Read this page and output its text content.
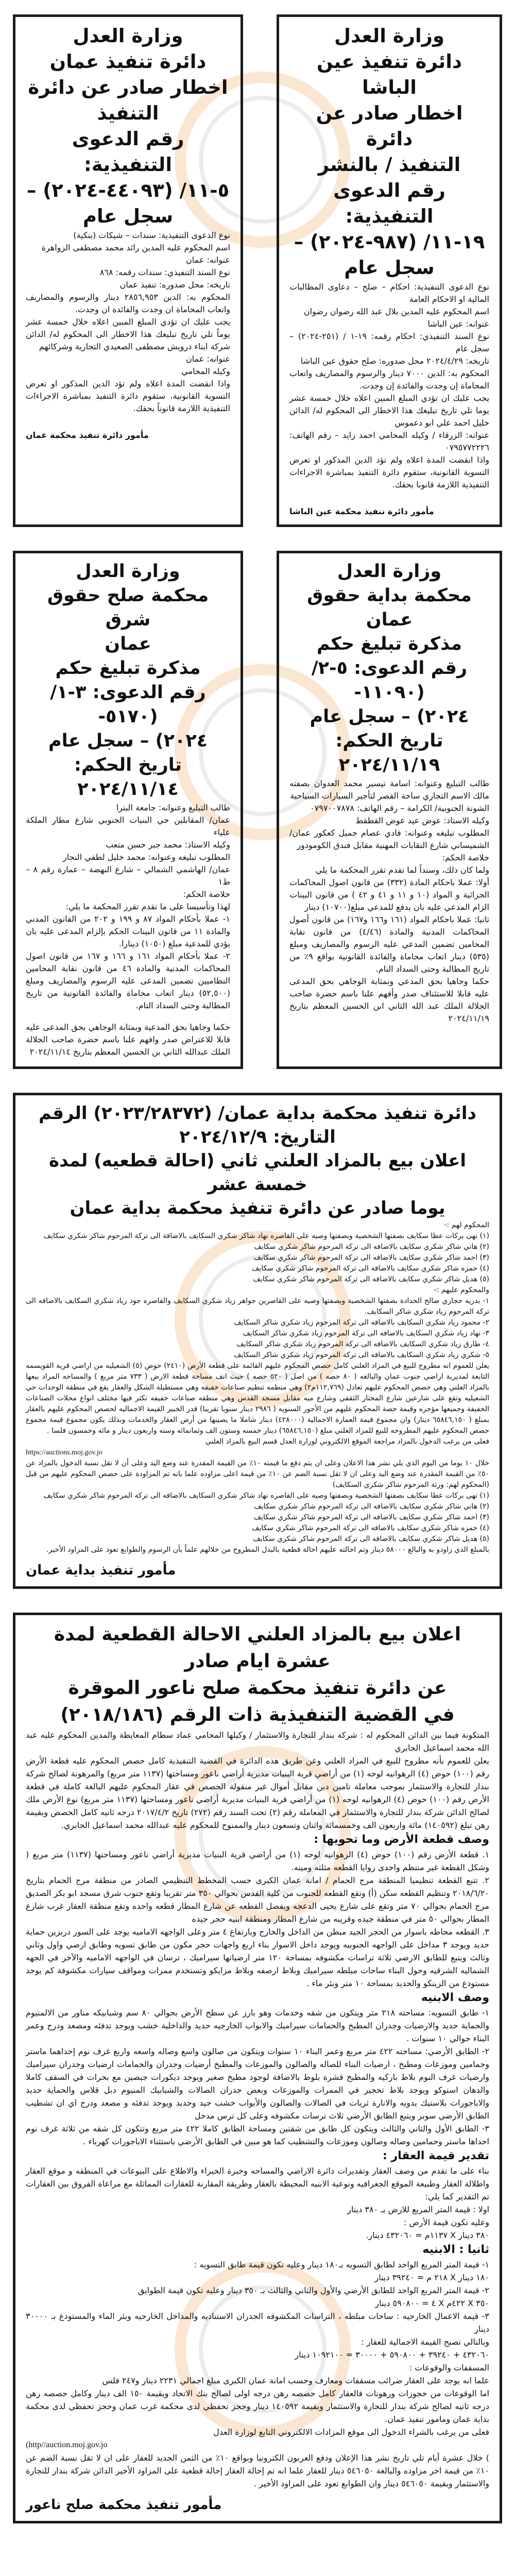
وزارة العدل
دائرة تنفيذ عين الباشا
اخطار صادر عن دائرة
التنفيذ / بالنشر
رقم الدعوى التنفيذية:
١٩-١١/ (٩٨٧-٢٠٢٤) –
سجل عام

نوع الدعوى التنفيذية: احكام – صلح – دعاوى المطالبات المالية او الاحكام العامة

اسم المحكوم عليه المدين بلال عبد الله رضوان رضوان

عنوانه: عين الباشا

نوع السند التنفيذي: احكام رقمه: ١٩-١ / (٢٥١-٢٠٢٤) – سجل عام

تاريخه: ٢٠٢٤/٤/٢٩ محل صدوره: صلح حقوق عين الباشا

المحكوم به: الدين ٧٠٠٠ دينار والرسوم والمصاريف واتعاب المحاماة إن وجدت والفائدة إن وجدت.

يجب عليك ان تؤدي المبلغ المبين اعلاه خلال خمسة عشر يوما تلي تاريخ تبليغك هذا الاخطار الى المحكوم له/ الدائن خليل احمد علي ابو دعموس

عنوانه: الزرقاء / وكيله المحامي احمد زايد – رقم الهاتف: ٠٧٩٥٧٧٢٢٢٦

واذا انقضت المدة اعلاه ولم تؤد الدين المذكور او تعرض التسوية القانونية، ستقوم دائرة التنفيذ بمباشرة الاجراءات التنفيذية اللازمة قانونا بحقك.

مأمور دائرة تنفيذ محكمة عين الباشا
وزارة العدل
دائرة تنفيذ عمان
اخطار صادر عن دائرة
التنفيذ
رقم الدعوى التنفيذية:
٥-١١/ (٤٤٠٩٣-٢٠٢٤) –
سجل عام

نوع الدعوى التنفيذية: سندات – شيكات (بنكية)

اسم المحكوم عليه المدين رائد محمد مصطفى الزواهرة

عنوانه: عمان

نوع السند التنفيذي: سندات رقمه: ٨٦٨

تاريخه: محل صدوره: تنفيذ عمان

المحكوم به: الدين ٢٨٥٦,٩٥٣ دينار والرسوم والمصاريف واتعاب المحاماة ان وجدت والفائدة ان وجدت.

يجب عليك ان تؤدي المبلغ المبين اعلاه خلال خمسة عشر يوماً تلي تاريخ تبليغك هذا الاخطار الى المحكوم له/ الدائن شركة ابناء درويش مصطفى الصعيدي التجارية وشركائهم

عنوانه: عمان

وكيله المحامي

واذا انقضت المدة اعلاه ولم تؤد الدين المذكور او تعرض التسوية القانونية، ستقوم دائرة التنفيذ بمباشرة الاجراءات التنفيذية اللازمة قانوناً بحقك.

مأمور دائرة تنفيذ محكمة عمان
وزارة العدل
محكمة بداية حقوق عمان
مذكرة تبليغ حكم
رقم الدعوى: ٥-٢/ (١١٠٩٠-
٢٠٢٤) – سجل عام
تاريخ الحكم: ٢٠٢٤/١١/١٩

طالب التبليغ وعنوانه: اسامة تيسير محمد العدوان بصفته مالك الاسم التجاري ساحة القصر لتأجير السيارات السياحية

الشونة الجنوبية/ الكرامة – رقم الهاتف: ٠٧٩٧٠٠٧٨٧٨

وكيله الاستاذ: عوض عيد عوض القطقط

المطلوب تبليغه وعنوانه: فادي عصام جميل كعكور عمان/ الشميساني شارع النقابات المهنية مقابل فندق الكومودور

خلاصة الحكم:

ولما كان ذلك، وسنداً لما تقدم تقرر المحكمة ما يلي

أولا: عملا باحكام المادة (٣٣٢) من قانون اصول المحاكمات الجزائية و المواد (١٠ و ١١ و ٤١ و ٤٢ ) من قانون البينات الزام المدعي عليه بان يدفع للمدعي مبلغ(١٠٧٠٠) دينار

ثانيا: عملا باحكام المواد (١٦١ و١٦٦ و١٦٧) من قانون أصول المحاكمات المدنية والمادة (٤/٤٦) من قانون نقابة المحامين تضمين المدعي عليه الرسوم والمصاريف ومبلغ (٥٣٥) دينار اتعاب محاماة والفائدة القانونية بواقع ٩٪ من تاريخ المطالبة وحتى السداد التام.

حكما وجاهيا بحق المدعي وبمثابة الوجاهي بحق المدعى عليه قابلا للاستئناف صدر وأفهم علنا باسم حضرة صاحب الجلالة الملك عبد الله الثاني ابن الحسين المعظم بتاريخ ٢٠٢٤/١١/١٩

وزارة العدل
محكمة صلح حقوق شرق
عمان
مذكرة تبليغ حكم
رقم الدعوى: ٣-١/ (٥١٧٠-
٢٠٢٤) – سجل عام
تاريخ الحكم: ٢٠٢٤/١١/١٤

طالب التبليغ وعنوانه: جامعة البترا

عمان/ المقابلين حي البنيات الجنوبي شارع مطار الملكة علياء

وكيله الاستاذ: محمد جبر حسن متعب

المطلوب تبليغه وعنوانه: محمد خليل لطفي النجار

عمان/ الهاشمي الشمالي – شارع النهضة – عمارة رقم ٨ – ط١

خلاصة الحكم:

لهذا وتأسيسا على ما تقدم تقرر المحكمة ما يلي:

١- عملا بأحكام المواد ٨٧ و ١٩٩ و ٢٠٢ من القانون المدني والمادة ١١ من قانون البينات الحكم بإلزام المدعى عليه بان يؤدي للمدعية مبلغ (١٠٥٠) دينارا.

٢- عملا بأحكام المواد ١٦١ و ١٦٦ و ١٦٧ من قانون اصول المحاكمات المدنية والمادة ٤٦ من قانون نقابة المحامين النظاميين تضمين المدعى عليه الرسوم والمصاريف ومبلغ (٥٢,٥٠٠) دينار اتعاب محاماة والفائدة القانونية من تاريخ المطالبة وحتى السداد التام.

حكما وجاهيا بحق المدعية وبمثابة الوجاهي بحق المدعى عليه قابلا للاعتراض صدر وافهم علنا باسم حضرة صاحب الجلالة الملك عبدالله الثاني بن الحسين المعظم بتاريخ ٢٠٢٤/١١/١٤

دائرة تنفيذ محكمة بداية عمان/ (٢٠٢٣/٢٨٣٧٢) الرقم
التاريخ: ٢٠٢٤/١٢/٩
اعلان بيع بالمزاد العلني ثاني (احالة قطعيه) لمدة خمسة عشر
يوما صادر عن دائرة تنفيذ محكمة بداية عمان

المحكوم لهم :-

(١) نهى بركات عطا سكايف بصفتها الشخصية وبصفتها وصيه على القاصره نهاد شاكر شكري السكايف بالاضافة الى تركة المرحوم شاكر شكري سكايف

(٢) هاني شاكر شكري سكايف بالاضافه الى تركة المرحوم شاكر شكري سكايف

(٣) احمد شاكر شكري سكايف بالاضافه الى تركة المرحوم شاكر شكري سكايف

(٤) حمزه شاكر شكري سكايف بالاضافه الى تركة المرحوم شاكر شكري سكايف

(٥) هديل شاكر شكري سكايف بالاضافه الى تركة المرحوم شاكر شكري سكايف

والمحكوم عليهم :-

١- بدريه حجازي صالح الحدادة بصفتها الشخصية وبصفتها وصيه على القاصرين جواهر زياد شكري السكايف والقاصره جود زياد شكري السكايف بالاضافه الى تركة المرحوم زياد شكري شاكر السكايف.

٢- محمود زياد شكري السكايف بالاضافه الى تركة المرحوم زياد شكري شاكر السكايف

٣- نهاد زياد شكري السكايف بالاضافه الى تركة المرحوم زياد شكري شاكر السكايف

٤- طارق زياد شكري السكايف بالاضافه الى تركة المرحوم زياد شكري شاكر السكايف

٥- شكري زياد شكري السكايف بالاضافه الى تركة المرحوم زياد شكري شاكر السكايف

يعلن للعموم انه مطروح للبيع في المزاد العلني كامل حصص المحكوم عليهم القائمة على قطعة الأرض (٢٤١٠) حوض (٥) الشعيليه من اراضي قرية القويسمه التابعة لمديرية اراضي جنوب عمان والبالغه ( ٨٠ حصه ) من اصل ( ٥٢٠ حصه ) حيث انف مساحة قطعة الارض ( ٧٣٣ متر مربع ) والمساحه المراد بيعها بالمزاد العلني وهي حصص المحكوم عليهم تعادل (١١٢,٧٦٩م٢) وهي منطمه تنظيم صناعات خفيفه وهي مستطيلة الشكل والعقار يقع في منطقة الوحدات حي الشعيليه وتقع على شارعين شارع المختار الثقفي وشارع ميه مقابل مسجد القدس وهي منطقه صناعات خفيفه تكثر فيها مختلف انواع محلات الصناعات الخفيفة وجميعها مؤجره وقيمة حصة المحكوم عليهم من الأجور السنويه ( ٢٩٨٦ دينار سنويا تقريبا) قدر الخبير القيمة الاجماليه لحصص المحكوم عليهم بالعقار بمبلغ ( ٦٥٨٤٦,١٥٠ دينار) وان مجموع قيمة العمارة الاجمالية (٤٢٨٠٠٠) دينار شاملا ما يصيبها من أرض العقار والخدمات وبذلك يكون مجموع قيمة مجموع حصص المحكوم عليهم المطروحه للبيع للمزاد العلني مبلغ (٦٥٨٤٦,١٥٠) دينار خمسه وستون الف وثمانمائه وسته واربعون دينار و مائه وخمسون فلسا .

فعلى من يرغب الدخول بالمزاد مراجعة الموقع الالكتروني لوزارة العدل قسم البيع بالمزاد العلني

https://auctions.moj.gov.jo

خلال ١٠ يوما من اليوم الذي يلي نشر هذا الاعلان وعلى ان يتم دفع ما قيمته ١٠٪ من القيمة المقدرة عند وضع اليد وعلى أن لا تقل نسبة الدخول بالمزاد عن ٥٠٪ من القيمة المقدرة عند وضع اليد وعلى ان لا تقل نسبة الضم عن ١٠٪ من قيمة اعلى مزاوده علما بانه تم المزاودة على حصص المحكوم عليهم من قبل (المحكوم لهم: ورثة المرحوم شاكر شكري السكايف)

(١) نهى بركات عطا سكايف بصفتها الشخصية وبصفتها وصيه على القاصره نهاد شاكر شكري السكايف بالاضافه الى تركة المرحوم شاكر شكري سكايف

(٢) هاني شاكر شكري سكايف بالاضافه الى تركة المرحوم شاكر شكري سكايف

(٣) احمد شاكر شكري سكايف بالاضافه الى تركة المرحوم شاكر شكري سكايف

(٤) حمزه شاكر شكري سكايف بالاضافه الى تركة المرحوم شاكر شكري سكايف

(٥) هديل شاكر شكري سكايف بالاضافه الى تركة المرحوم شاكر شكري سكايف

بالمبلغ الذي زاودو به والبالغ ٥٨٠٠٠ دينار وتم احالته عليهم احالة قطعية بالبدل المطروح من خلالهم علماً بأن الرسوم والطوابع تعود على المزاود الأخير.

مأمور تنفيذ بداية عمان
اعلان بيع بالمزاد العلني الاحالة القطعية لمدة عشرة ايام صادر
عن دائرة تنفيذ محكمة صلح ناعور الموقرة
في القضية التنفيذية ذات الرقم (٢٠١٨/١٨٦)

المتكونة فيما بين الدائن المحكوم له : شركة بندار للتجارة والاستثمار / وكيلها المحامي عماد سطام المعايطة والمدين المحكوم عليه عبد الله محمد اسماعيل الجابري

يعلن للعموم بأنه مطروح للبيع في المزاد العلني وعن طريق هذه الدائرة في القضية التنفيذية كامل حصص المحكوم عليه قطعة الأرض رقم (١٠٠) حوض (٤) الرهوانيه لوحه (١) من أراضي قرية البنيات مديرية أراضي ناعور ومساحتها (١١٣٧ متر مربع) والمرهونة لصالح شركة بندار للتجارة والاستثمار بموجب معاملة تامين دين مقابل أموال غير منقولة الحصص في عقار المحكوم عليهم البالغة كاملة في قطعة الأرض رقم (١٠٠) حوض (٤) الرهوانيه لوحه (١) من أراضي قرية البنيات مديرية أراضي ناعور ومساحتها (١١٣٧ متر مربع) نوع الأرض ملك لصالح الدائن شركة بندار للتجارة والاستثمار في المعاملة رقم (٢) تحت السند رقم (٢٧٢) تاريخ ٢٠١٧/٤/٢ درجه ثانيه كامل الحصص وبقيمة رهن تبلغ (١٤٠٥٩٢) مائة واربعون الف وخمسمائة واثنان وتسعون دينار والممنوح للمحكوم عليه عبدالله محمد اسماعيل الجابري.

وصف قطعة الأرض وما تحويها :

١. قطعة الأرض رقم (١٠٠) حوض (٤) الرهوانيه لوحه (١) من أراضي قرية البنيات مديرية أراضي ناعور ومساحتها (١١٣٧) متر مربع ( وشكل القطعة غير منتظم واحدى زوايا القطعه مثلثه وميته.

٢. تتبع القطعة تنظيميا المنطقة مرج الحمام / امانة عمان الكبرى حسب المخطط التنظيمي الصادر من منطقة مرج الحمام بتاريخ ٢٠١٨/٦/٢٠ وتنظيم القطعه سكن (أ) وتقع القطعه للجنوب من كلية القدس بحوالي ٣٥٠ متر تقريبا وتقع جنوب شرق مسجد ابو بكر الصديق مرج الحمام بحوالي ٧٠ متر وتقع على شارع يحيى الدعجه ويفصل القطعه عن شارع المطار قطعه واحده وتقع منطقة العقار غرب شارع المطار بحوالي ٥٠ متر في منطقة جيده وقريبه من شارع المطار ومنطقة ابنيه حجر جيده

٣. القطعه محاطه باسوار من الحجر الجيد مبطن من الداخل والخارج وبارتفاع ٤ متر وعلى الواجهه الاماميه يوجد على السور دربزين حماية حديد ويوجد ٣ مداخل على الواجهه الجنوبيه ويوجد داخل الاسوار بناء اربع واجهات حجر مكون من طابق تسويه وطابق ارضي واول وثاني وثالث ويتبع للطابق الارضي ثلاثة تراسات مكشوفه بمساحة ١٢٠ متر ارضياتها سيراميك ، ترسان في الواجهه الاماميه والآخر في الجهه الشماليه الشرقيه وحول البناء ساحات مبلطه سيراميك وبلاط ارصفه وبلاط مزايكو وتستخدم ممرات ومواقف سيارات مكشوفة كم يوجد مستودع من الزينكو والحديد بمساحة ١٠ متر وبئر ماء .

وصف الابنيه

١- طابق التسويه: مساحته ٢١٨ متر ويتكون من شقه وخدمات وهو بارز عن سطح الأرض بحوالي ٨٠ سم وشبابيكه مناور من الالمنيوم والحماية حديد والارضيات وجدران المطبخ والحمامات سيراميك والابواب الخارجيه حديد والداخلية خشب ويوجد تدفئه ومصعد ودرج وعمر البناء حوالي ١٠ سنوات .

٢- الطابق الأرضي: مساحته ٤٢٢ متر مربع وعمر البناء ١٠ سنوات ويتكون من صالون واسع وصاله واسعه واربع غرف نوم إحداهما ماستر وحمامين وموزعات ومطبخ ، ارضيات البناء للصاله والصالون والموزعات والمطبخ أرضيات وجدران والحمامات ارضيات وجدران سيراميك وارضيات غرف النوم بلاط باركيه والمطبخ قشرة بلوط بالاضافة لوجود مطبخ صغير ويوجد ديكورات جبصين مع بحرات في السقف كاملا والدهان استوكو ويوجد بلاط تحجير في الممرات والموزعات وبعض جدران الصالات والشبابيك المنيوم دبل قلاس والحماية حديد والاباجورات بلاستيك يدويه والانارة ثريات في الصالات والصالون والأبواب خشب جيد وحديد ويوجد تدفئه و مصعد ودرج اي ان تشطيب الطابق الأرضي سوبر ويتبع الطابق الأرضي ثلاث ترسات مكشوفه وعلى كل ترس مدخل

٣- الطابق الأول والثاني والثالث ويتكون كل طابق من شقتين ومساحة الطابق كاملا ٤٢٢ متر مربع وتتكون كل شقه من ثلاثة غرف نوم احداها ماستر وحمامين وصاله وصالون وموزعات والتشطيب كما هو مبين في الطابق الأرضي باستثناء الاباجورات كهرباء .

تقدير قيمة العقار :

بناء على ما تقدم من وصف العقار وتقديرات دائرة الاراضي والمساحه وخبرة الخبراء والاطلاع على البيوعات في المنطقه و موقع العقار واطلالة العقار وطبيعة الموقع الجغرافيه ونوعية الابنيه المحيطة بالعقار وطريقة المقارنة للعقارات المماثلة مع مراعاة الفروق بين العقارات تم التقدير كما يلي:

اولا : قيمة المتر المربع للارض بـ ٣٨٠ دينار

وعليه تكون قيمة الأرض :

٣٨٠ دينار X ١١٣٧م = ٤٣٢٠٦٠ دينار.

ثانيا : الابنيه

١- قيمة المتر المربع الواحد لطابق التسويه بـ١٨٠ دينار وعليه تكون قيمة طابق التسويه :

١٨٠ دينار X ٢١٨ م = ٣٩٢٤٠ دينار

٢- قيمة المتر المربع الواحد للطابق الأرضي والأول والثاني والثالث بـ ٣٥٠ دينار وعليه تكون قيمة الطوابق

٣٥٠ X ٤٢٢م X ٤ = ٥٩٠٨٠٠ دينار

٣- قيمة الاعمال الخارجيه : ساحات مبلطه ، التراسات المكشوفه الجدران الاستناديه والمداخل الخارجيه وبئر الماء والمستودع بـ ٣٠٠٠٠ دينار

وبالتالي تصبح القيمة الاجمالية للعقار :

٤٣٢٠٦٠ + ٣٩٢٤٠ + ٥٩٠٨٠٠ + ٣٠٠٠٠ = ١٠٩٢١٠٠ دينار

المسقفات والوقوعات :

علما انه يوجد على العقار ضرائب مسقفات ومعارف وحسب امانة عمان الكبرى مبلغ اجمالي ٢٢٣١ دينار و٢٤٧ فلس

اما الوقوعات من حجوزات ورهونات فالعقار كامل حصصه رهن درجه اولى لصالح بنك الاتحاد وبقيمة ١٥٠ الف دينار وكامل حصصه رهن درجه ثانيه لصالح شركة بندار للتجارة والاستثمار وبقيمة ١٤٠٥٩٢ دينار وحجز تحفظي لدى محكمة غرب عمان وحجز تحفظي لدى محكمة بداية عمان ومامور تنفيذ عمان.

فعلى من يرغب بالشراء الدخول الى موقع المزادات الالكتروني التابع لوزارة العدل

(http//auction.moj.gov.jo

) خلال عشرة أيام تلي تاريخ نشر هذا الإعلان ودفع العربون الكترونيا وبواقع ١٠٪ من الثمن الجديد للعقار على ان لا تقل نسبة الضم عن ١٠٪ من قيمة اخر مزاوده والبالغة ٥٤٦٠٥٠ دينار للعقار علما انه تم إحالة العقار إحالة قطعية على المزاود الأخير الدائن شركة بندار للتجارة والاستثمار وبقيمة ٥٤٦٠٥٠ دينار وان الطوابع تعود على المزاود الأخير .

مأمور تنفيذ محكمة صلح ناعور
